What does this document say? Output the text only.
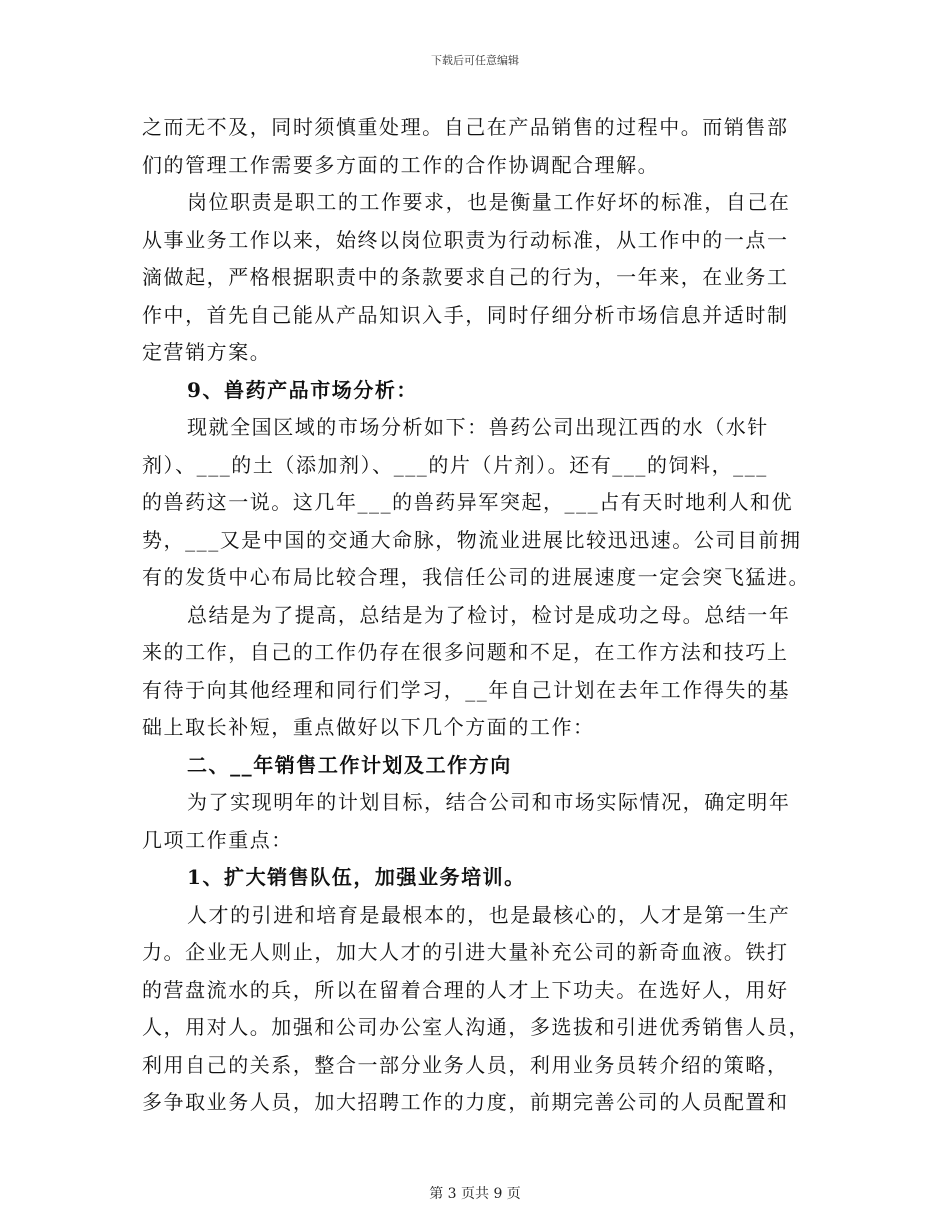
下载后可任意编辑
之而无不及，同时须慎重处理。自己在产品销售的过程中。而销售部
们的管理工作需要多方面的工作的合作协调配合理解。
岗位职责是职工的工作要求，也是衡量工作好坏的标准，自己在
从事业务工作以来，始终以岗位职责为行动标准，从工作中的一点一
滴做起，严格根据职责中的条款要求自己的行为，一年来，在业务工
作中，首先自己能从产品知识入手，同时仔细分析市场信息并适时制
定营销方案。
9、兽药产品市场分析：
现就全国区域的市场分析如下：兽药公司出现江西的水（水针
剂）、___的土（添加剂）、___的片（片剂）。还有___的饲料，___
的兽药这一说。这几年___的兽药异军突起，___占有天时地利人和优
势，___又是中国的交通大命脉，物流业进展比较迅迅速。公司目前拥
有的发货中心布局比较合理，我信任公司的进展速度一定会突飞猛进。
总结是为了提高，总结是为了检讨，检讨是成功之母。总结一年
来的工作，自己的工作仍存在很多问题和不足，在工作方法和技巧上
有待于向其他经理和同行们学习，__年自己计划在去年工作得失的基
础上取长补短，重点做好以下几个方面的工作：
二、__年销售工作计划及工作方向
为了实现明年的计划目标，结合公司和市场实际情况，确定明年
几项工作重点：
1、扩大销售队伍，加强业务培训。
人才的引进和培育是最根本的，也是最核心的，人才是第一生产
力。企业无人则止，加大人才的引进大量补充公司的新奇血液。铁打
的营盘流水的兵，所以在留着合理的人才上下功夫。在选好人，用好
人，用对人。加强和公司办公室人沟通，多选拔和引进优秀销售人员，
利用自己的关系，整合一部分业务人员，利用业务员转介绍的策略，
多争取业务人员，加大招聘工作的力度，前期完善公司的人员配置和
第 3 页共 9 页
